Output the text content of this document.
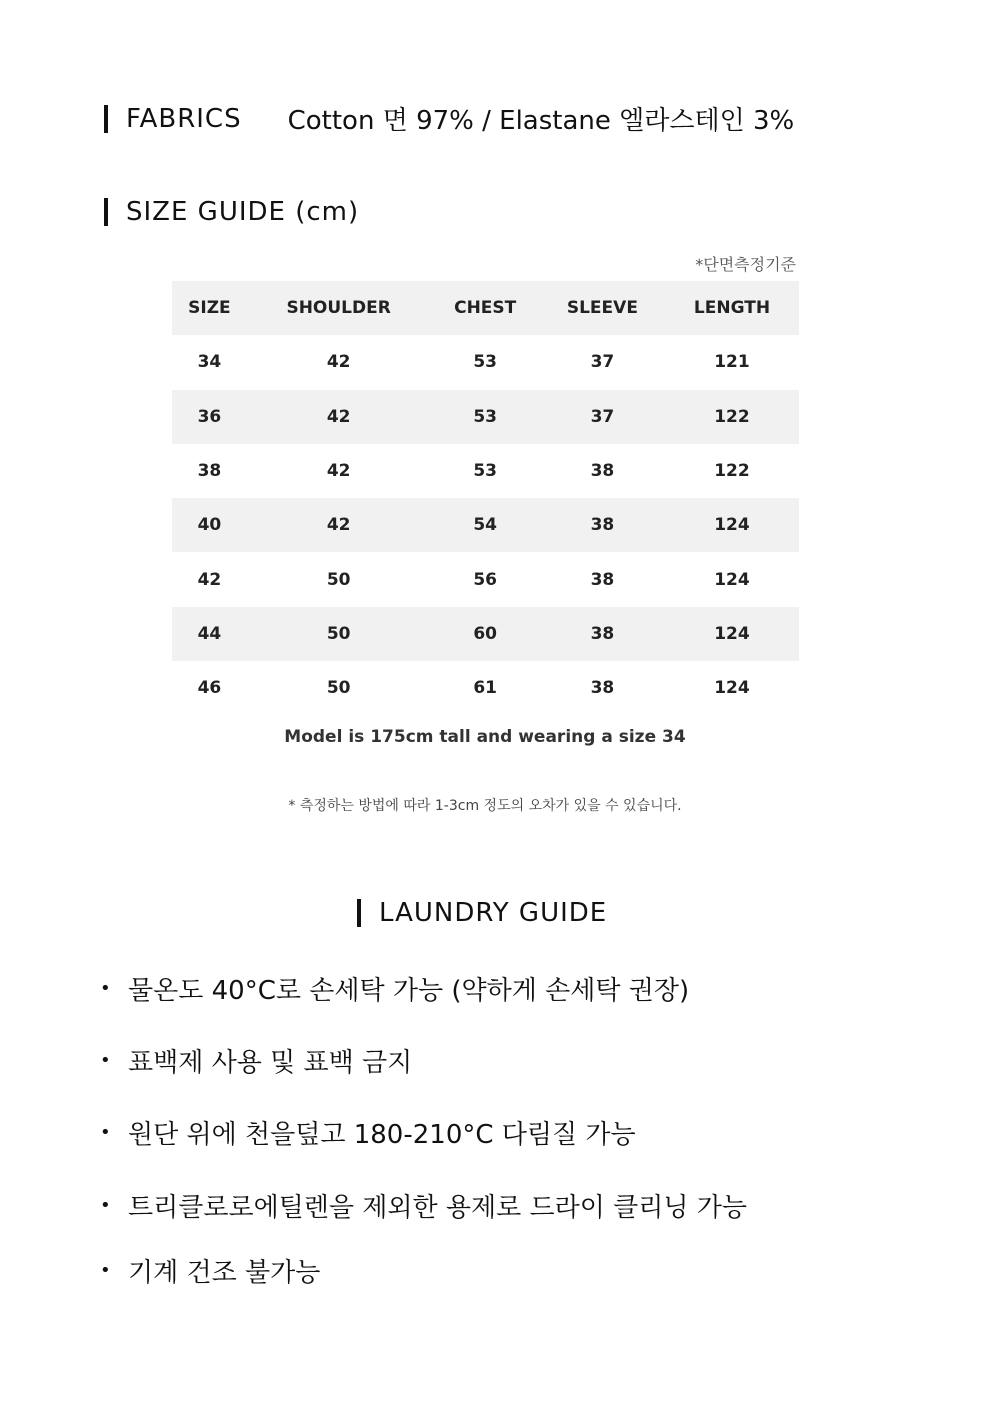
FABRICS Cotton 면 97% / Elastane 엘라스테인 3%
SIZE GUIDE (cm)
*단면측정기준
SIZE	SHOULDER	CHEST	SLEEVE	LENGTH
34	42	53	37	121
36	42	53	37	122
38	42	53	38	122
40	42	54	38	124
42	50	56	38	124
44	50	60	38	124
46	50	61	38	124
Model is 175cm tall and wearing a size 34
* 측정하는 방법에 따라 1-3cm 정도의 오차가 있을 수 있습니다.
LAUNDRY GUIDE
• 물온도 40°C로 손세탁 가능 (약하게 손세탁 권장)
• 표백제 사용 및 표백 금지
• 원단 위에 천을덮고 180-210°C 다림질 가능
• 트리클로로에틸렌을 제외한 용제로 드라이 클리닝 가능
• 기계 건조 불가능
